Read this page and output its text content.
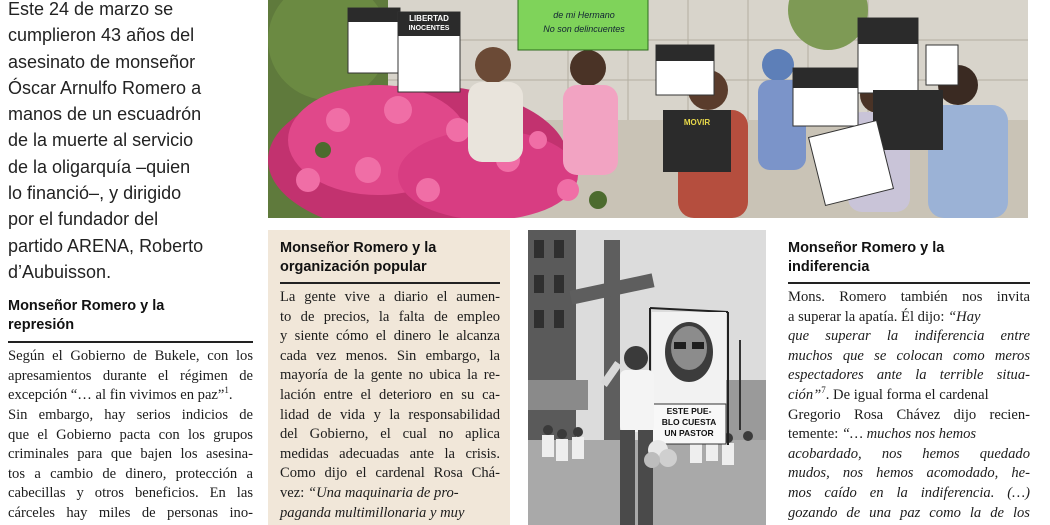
Este 24 de marzo se
cumplieron 43 años del
asesinato de monseñor
Óscar Arnulfo Romero a
manos de un escuadrón
de la muerte al servicio
de la oligarquía –quien
lo financió–, y dirigido
por el fundador del
partido ARENA, Roberto
d’Aubuisson.

Monseñor Romero y la
represión

Según el Gobierno de Bukele, con los
apresamientos durante el régimen de
excepción “… al fin vivimos en paz”$^1$.
Sin embargo, hay serios indicios de
que el Gobierno pacta con los grupos
criminales para que bajen los asesina-
tos a cambio de dinero, protección a
cabecillas y otros beneficios. En las
cárceles hay miles de personas ino-
LIBERTAD
INOCENTES
MOVIR
de mi Hermano
No son delincuentes

Monseñor Romero y la
organización popular

La gente vive a diario el aumen-
to de precios, la falta de empleo
y siente cómo el dinero le alcanza
cada vez menos. Sin embargo, la
mayoría de la gente no ubica la re-
lación entre el deterioro en su ca-
lidad de vida y la responsabilidad
del Gobierno, el cual no aplica
medidas adecuadas ante la crisis.
Como dijo el cardenal Rosa Chá-
vez: “Una maquinaria de pro-
paganda multimillonaria y muy
ESTE PUE-
BLO CUESTA
UN PASTOR

Monseñor Romero y la
indiferencia

Mons. Romero también nos invita
a superar la apatía. Él dijo: “Hay
que superar la indiferencia entre
muchos que se colocan como meros
espectadores ante la terrible situa-
ción”$^7$. De igual forma el cardenal
Gregorio Rosa Chávez dijo recien-
temente: “… muchos nos hemos
acobardado, nos hemos quedado
mudos, nos hemos acomodado, he-
mos caído en la indiferencia. (…)
gozando de una paz como la de los
